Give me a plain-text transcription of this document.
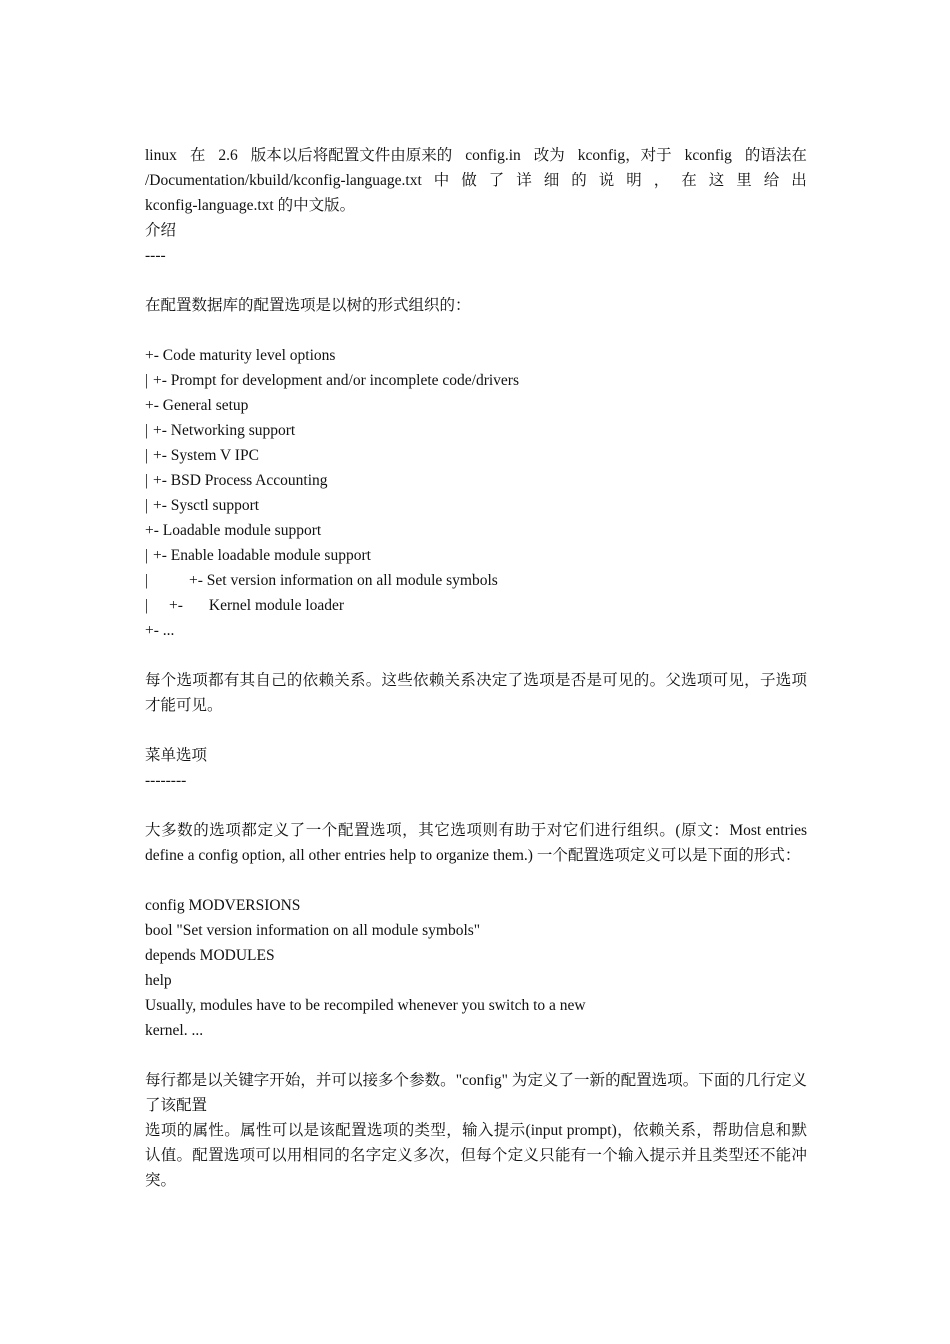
linux 在 2.6 版本以后将配置文件由原来的 config.in 改为 kconfig，对于 kconfig 的语法在
/Documentation/kbuild/kconfig-language.txt 中 做 了 详 细 的 说 明 ， 在 这 里 给 出
kconfig-language.txt 的中文版。
介绍
----
在配置数据库的配置选项是以树的形式组织的：
+- Code maturity level options
| +- Prompt for development and/or incomplete code/drivers
+- General setup
| +- Networking support
| +- System V IPC
| +- BSD Process Accounting
| +- Sysctl support
+- Loadable module support
| +- Enable loadable module support
|	+- Set version information on all module symbols
| +- Kernel module loader
+- ...
每个选项都有其自己的依赖关系。这些依赖关系决定了选项是否是可见的。父选项可见，子选项才能可见。
菜单选项
--------
大多数的选项都定义了一个配置选项，其它选项则有助于对它们进行组织。(原文：Most entries define a config option, all other entries help to organize them.) 一个配置选项定义可以是下面的形式：
config MODVERSIONS
bool "Set version information on all module symbols"
depends MODULES
help
Usually, modules have to be recompiled whenever you switch to a new
kernel. ...
每行都是以关键字开始，并可以接多个参数。"config" 为定义了一新的配置选项。下面的几行定义了该配置
选项的属性。属性可以是该配置选项的类型，输入提示(input prompt)，依赖关系，帮助信息和默认值。配置选项可以用相同的名字定义多次，但每个定义只能有一个输入提示并且类型还不能冲突。
